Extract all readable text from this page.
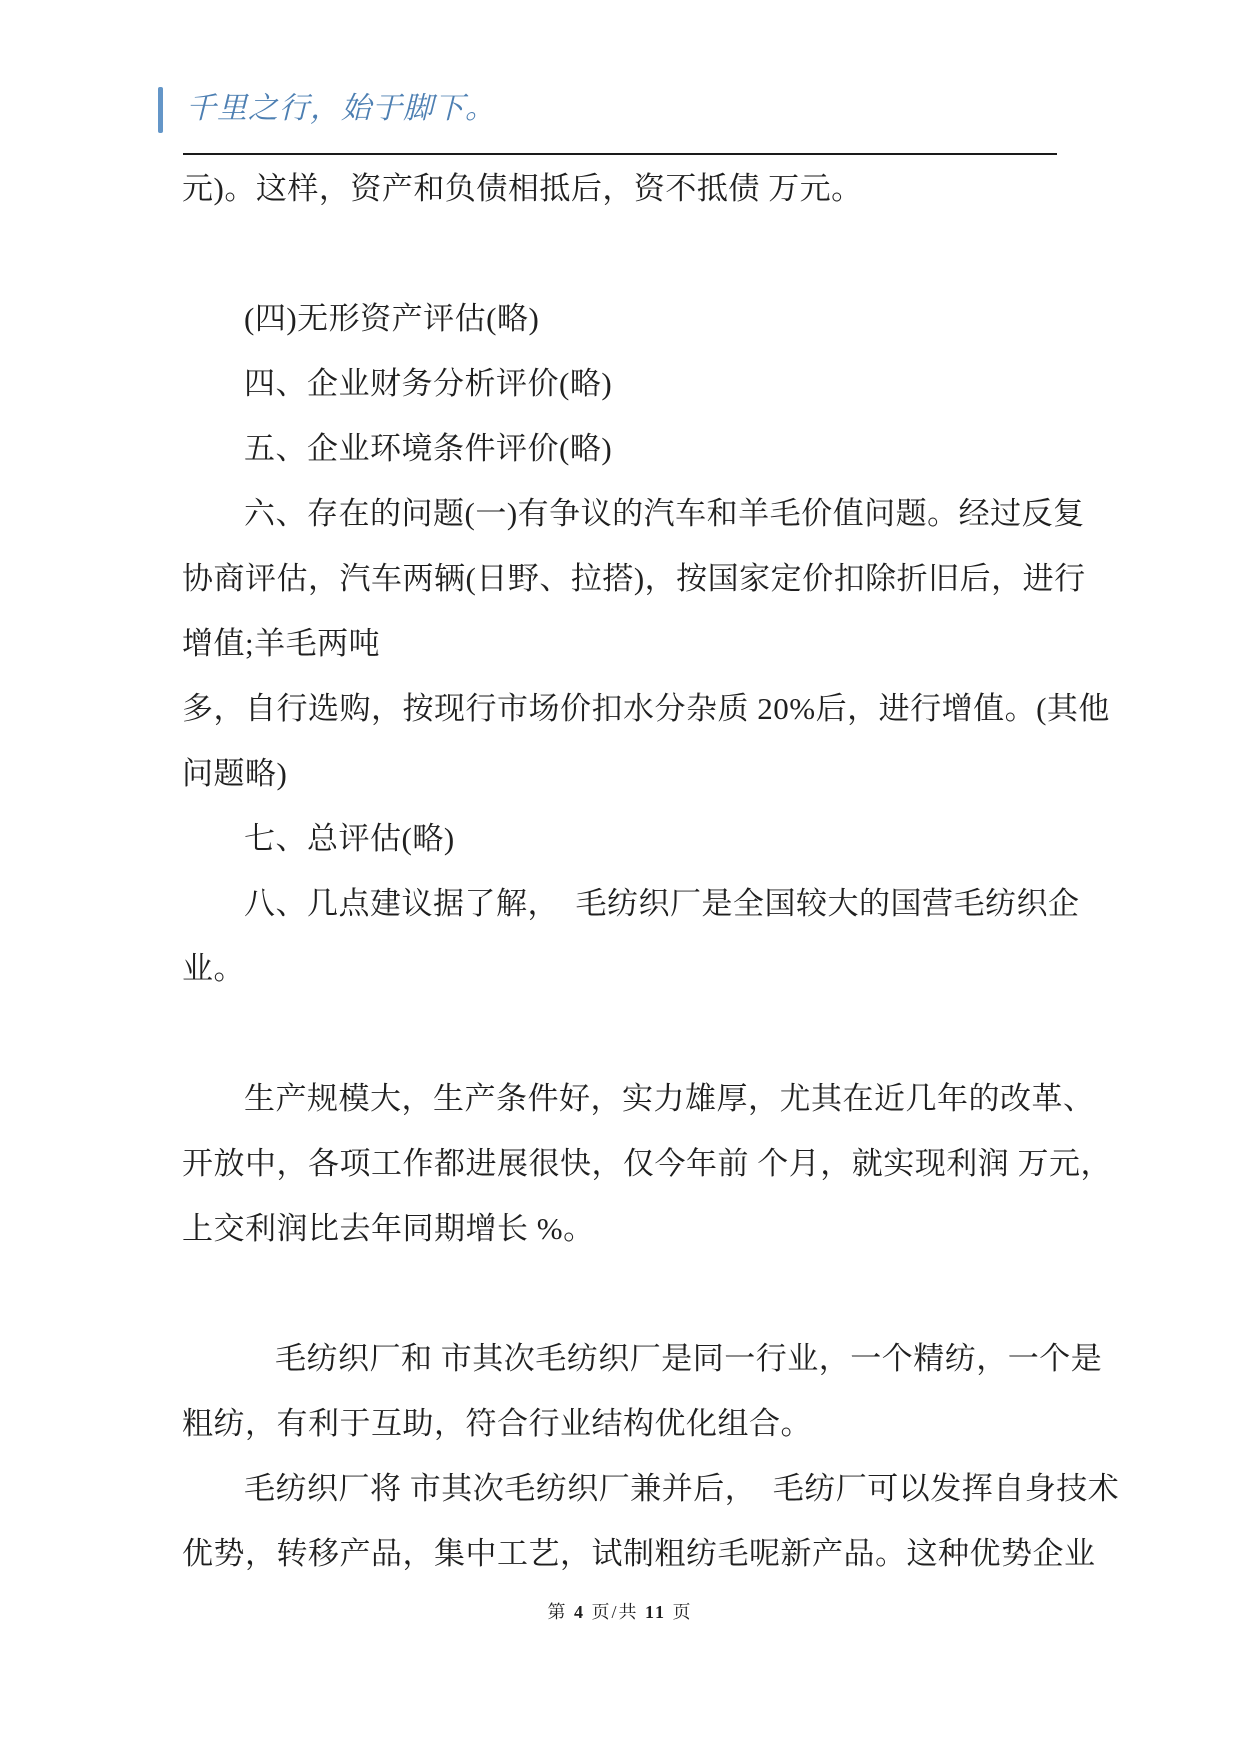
千里之行，始于脚下。
元)。这样，资产和负债相抵后，资不抵债 万元。
(四)无形资产评估(略)
四、企业财务分析评价(略)
五、企业环境条件评价(略)
六、存在的问题(一)有争议的汽车和羊毛价值问题。经过反复
协商评估，汽车两辆(日野、拉搭)，按国家定价扣除折旧后，进行
增值;羊毛两吨
多，自行选购，按现行市场价扣水分杂质 20%后，进行增值。(其他
问题略)
七、总评估(略)
八、几点建议据了解，  毛纺织厂是全国较大的国营毛纺织企
业。
生产规模大，生产条件好，实力雄厚，尤其在近几年的改革、
开放中，各项工作都进展很快，仅今年前 个月，就实现利润 万元，
上交利润比去年同期增长 %。
毛纺织厂和 市其次毛纺织厂是同一行业，一个精纺，一个是
粗纺，有利于互助，符合行业结构优化组合。
毛纺织厂将 市其次毛纺织厂兼并后，  毛纺厂可以发挥自身技术
优势，转移产品，集中工艺，试制粗纺毛呢新产品。这种优势企业
第 4 页/共 11 页
